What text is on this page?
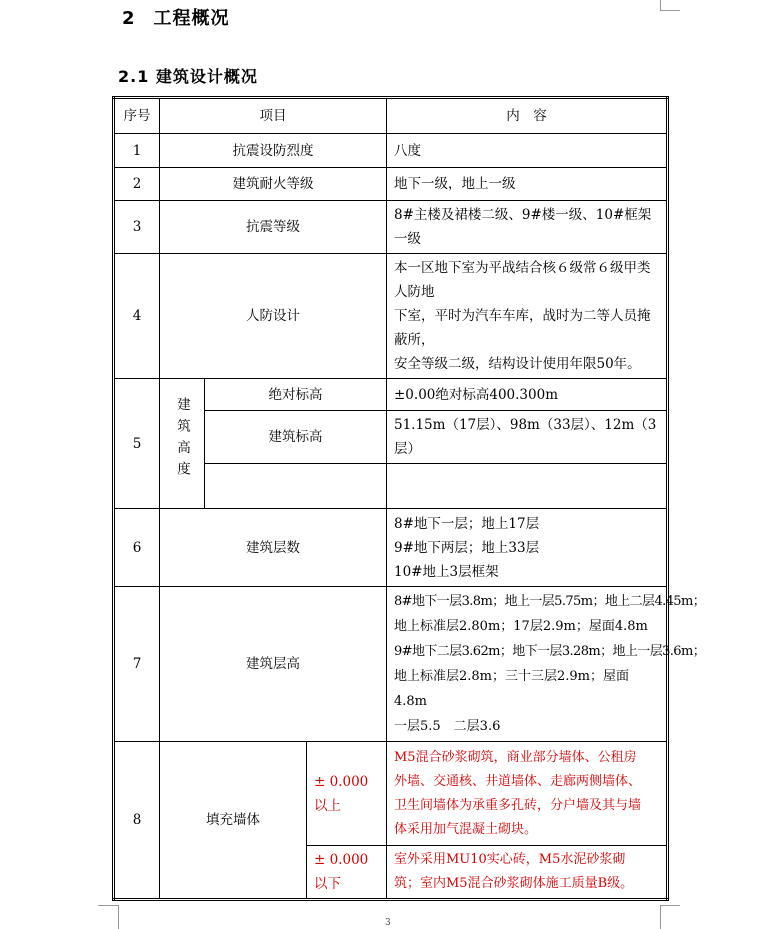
2 工程概况
2.1 建筑设计概况
序号	项目			内　容
1	抗震设防烈度			八度
2	建筑耐火等级			地下一级，地上一级
3	抗震等级			8#主楼及裙楼二级、9#楼一级、10#框架一级
4	人防设计			本一区地下室为平战结合核６级常６级甲类人防地
下室，平时为汽车车库，战时为二等人员掩蔽所，
安全等级二级，结构设计使用年限50年。

5	建筑高度	绝对标高		±0.00绝对标高400.300m
		建筑标高		51.15m（17层）、98m（33层）、12m（3层）

6	建筑层数			8#地下一层；地上17层
9#地下两层；地上33层
10#地上3层框架

7	建筑层高			8#地下一层3.8m；地上一层5.75m；地上二层4.45m；
地上标准层2.80m；17层2.9m；屋面4.8m
9#地下二层3.62m；地下一层3.28m；地上一层3.6m；
地上标准层2.8m；三十三层2.9m；屋面4.8m
一层5.5　二层3.6

8	填充墙体		± 0.000以上	M5混合砂浆砌筑，商业部分墙体、公租房
外墙、交通核、井道墙体、走廊两侧墙体、
卫生间墙体为承重多孔砖，分户墙及其与墙
体采用加气混凝土砌块。

			± 0.000以下	室外采用MU10实心砖，M5水泥砂浆砌
筑；室内M5混合砂浆砌体施工质量B级。
3
